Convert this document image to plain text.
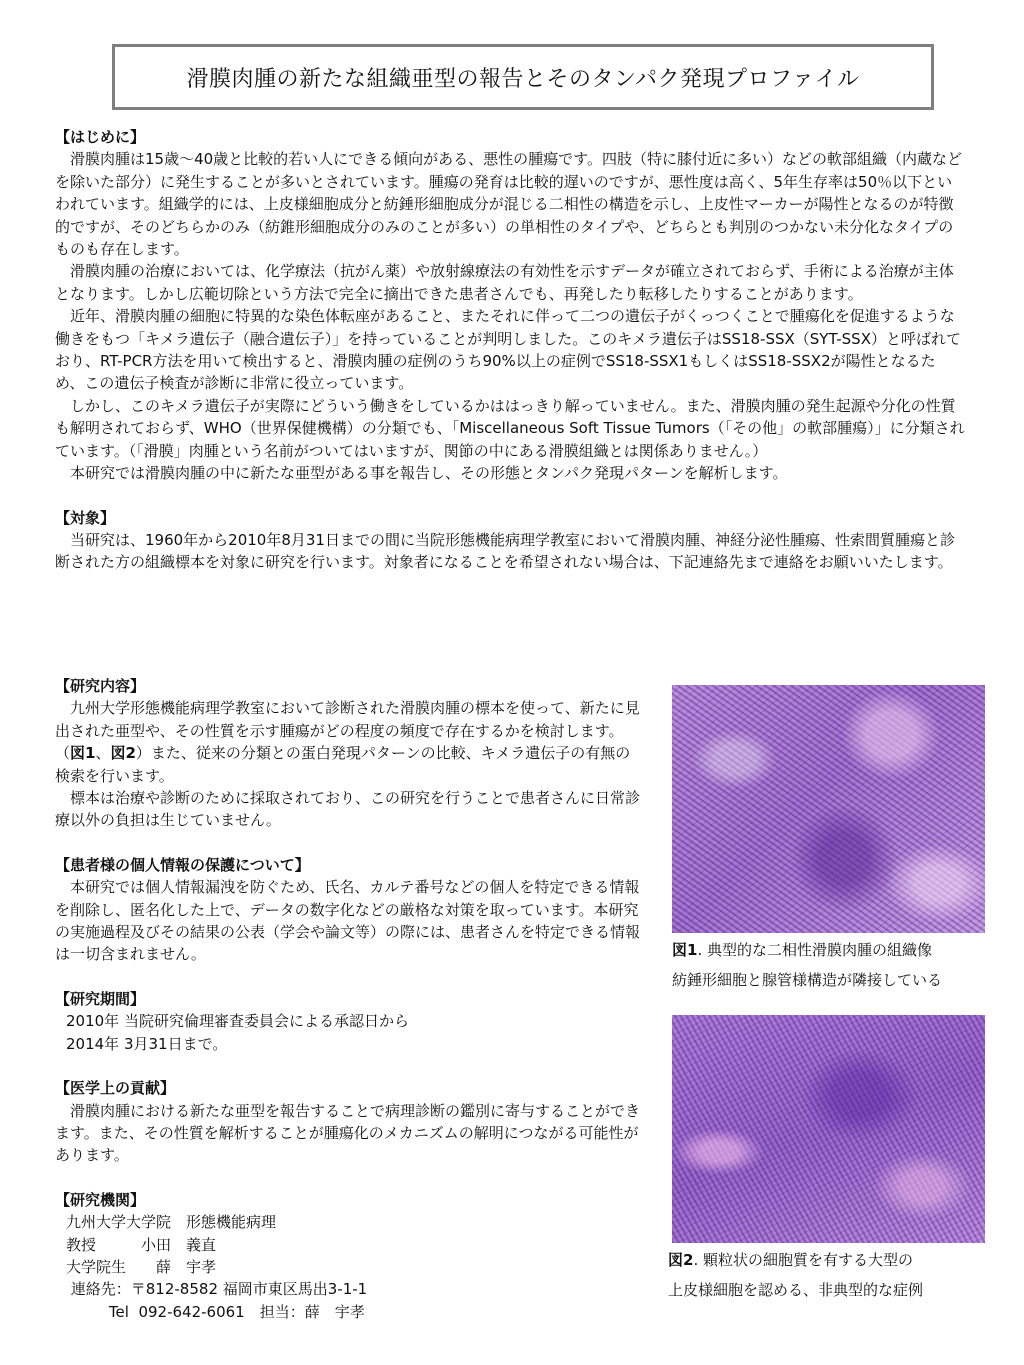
滑膜肉腫の新たな組織亜型の報告とそのタンパク発現プロファイル

【はじめに】

滑膜肉腫は15歳～40歳と比較的若い人にできる傾向がある、悪性の腫瘍です。四肢（特に膝付近に多い）などの軟部組織（内蔵などを除いた部分）に発生することが多いとされています。腫瘍の発育は比較的遅いのですが、悪性度は高く、5年生存率は50％以下といわれています。組織学的には、上皮様細胞成分と紡錘形細胞成分が混じる二相性の構造を示し、上皮性マーカーが陽性となるのが特徴的ですが、そのどちらかのみ（紡錐形細胞成分のみのことが多い）の単相性のタイプや、どちらとも判別のつかない未分化なタイプのものも存在します。

滑膜肉腫の治療においては、化学療法（抗がん薬）や放射線療法の有効性を示すデータが確立されておらず、手術による治療が主体となります。しかし広範切除という方法で完全に摘出できた患者さんでも、再発したり転移したりすることがあります。

近年、滑膜肉腫の細胞に特異的な染色体転座があること、またそれに伴って二つの遺伝子がくっつくことで腫瘍化を促進するような働きをもつ「キメラ遺伝子（融合遺伝子）」を持っていることが判明しました。このキメラ遺伝子はSS18-SSX（SYT-SSX）と呼ばれており、RT-PCR方法を用いて検出すると、滑膜肉腫の症例のうち90%以上の症例でSS18-SSX1もしくはSS18-SSX2が陽性となるため、この遺伝子検査が診断に非常に役立っています。

しかし、このキメラ遺伝子が実際にどういう働きをしているかははっきり解っていません。また、滑膜肉腫の発生起源や分化の性質も解明されておらず、WHO（世界保健機構）の分類でも、「Miscellaneous Soft Tissue Tumors（「その他」の軟部腫瘍）」に分類されています。（「滑膜」肉腫という名前がついてはいますが、関節の中にある滑膜組織とは関係ありません。）

本研究では滑膜肉腫の中に新たな亜型がある事を報告し、その形態とタンパク発現パターンを解析します。

【対象】

当研究は、1960年から2010年8月31日までの間に当院形態機能病理学教室において滑膜肉腫、神経分泌性腫瘍、性索間質腫瘍と診断された方の組織標本を対象に研究を行います。対象者になることを希望されない場合は、下記連絡先まで連絡をお願いいたします。

【研究内容】

九州大学形態機能病理学教室において診断された滑膜肉腫の標本を使って、新たに見出された亜型や、その性質を示す腫瘍がどの程度の頻度で存在するかを検討します。（図1、図2）また、従来の分類との蛋白発現パターンの比較、キメラ遺伝子の有無の検索を行います。

標本は治療や診断のために採取されており、この研究を行うことで患者さんに日常診療以外の負担は生じていません。

【患者様の個人情報の保護について】

本研究では個人情報漏洩を防ぐため、氏名、カルテ番号などの個人を特定できる情報を削除し、匿名化した上で、データの数字化などの厳格な対策を取っています。本研究の実施過程及びその結果の公表（学会や論文等）の際には、患者さんを特定できる情報は一切含まれません。

【研究期間】

2010年 当院研究倫理審査委員会による承認日から

2014年 3月31日まで。

【医学上の貢献】

滑膜肉腫における新たな亜型を報告することで病理診断の鑑別に寄与することができます。また、その性質を解析することが腫瘍化のメカニズムの解明につながる可能性があります。

【研究機関】

九州大学大学院　形態機能病理

教授　　　小田　義直

大学院生　　薛　宇孝

連絡先：〒812-8582 福岡市東区馬出3-1-1

Tel  092-642-6061　担当：薛　宇孝

図1. 典型的な二相性滑膜肉腫の組織像
紡錘形細胞と腺管様構造が隣接している
図2. 顆粒状の細胞質を有する大型の
上皮様細胞を認める、非典型的な症例
